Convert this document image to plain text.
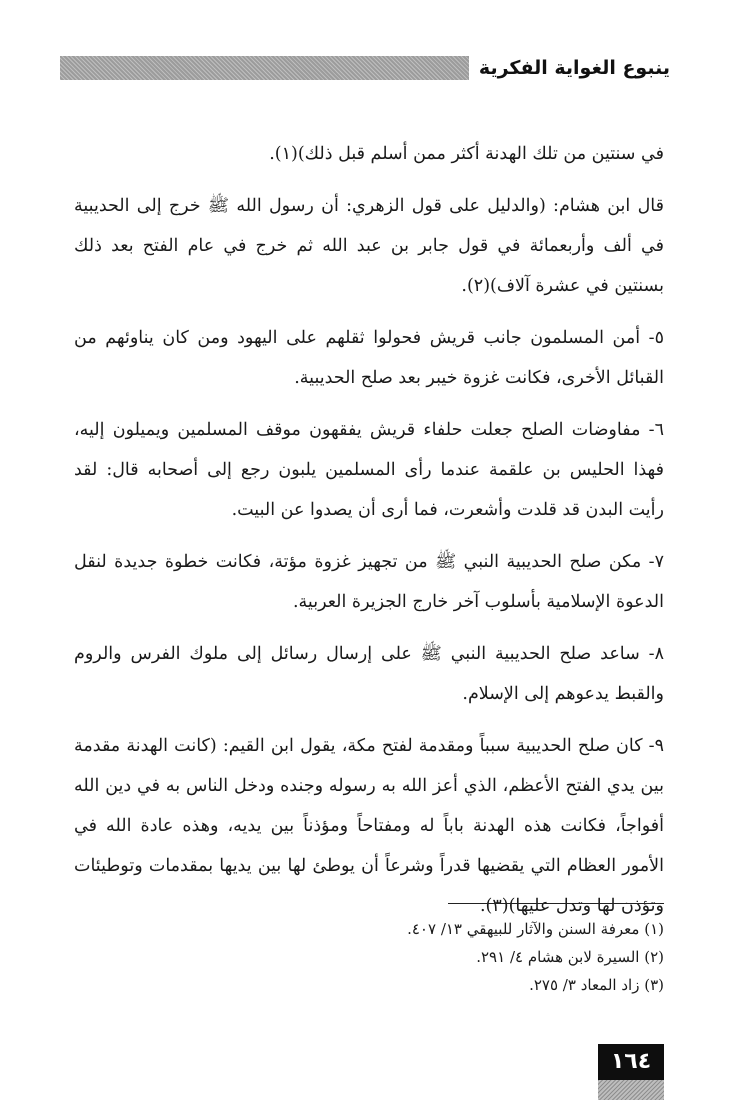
ينبوع الغواية الفكرية

في سنتين من تلك الهدنة أكثر ممن أسلم قبل ذلك)(١).

قال ابن هشام: (والدليل على قول الزهري: أن رسول الله ﷺ خرج إلى الحديبية في ألف وأربعمائة في قول جابر بن عبد الله ثم خرج في عام الفتح بعد ذلك بسنتين في عشرة آلاف)(٢).

٥- أمن المسلمون جانب قريش فحولوا ثقلهم على اليهود ومن كان يناوئهم من القبائل الأخرى، فكانت غزوة خيبر بعد صلح الحديبية.

٦- مفاوضات الصلح جعلت حلفاء قريش يفقهون موقف المسلمين ويميلون إليه، فهذا الحليس بن علقمة عندما رأى المسلمين يلبون رجع إلى أصحابه قال: لقد رأيت البدن قد قلدت وأشعرت، فما أرى أن يصدوا عن البيت.

٧- مكن صلح الحديبية النبي ﷺ من تجهيز غزوة مؤتة، فكانت خطوة جديدة لنقل الدعوة الإسلامية بأسلوب آخر خارج الجزيرة العربية.

٨- ساعد صلح الحديبية النبي ﷺ على إرسال رسائل إلى ملوك الفرس والروم والقبط يدعوهم إلى الإسلام.

٩- كان صلح الحديبية سبباً ومقدمة لفتح مكة، يقول ابن القيم: (كانت الهدنة مقدمة بين يدي الفتح الأعظم، الذي أعز الله به رسوله وجنده ودخل الناس به في دين الله أفواجاً، فكانت هذه الهدنة باباً له ومفتاحاً ومؤذناً بين يديه، وهذه عادة الله في الأمور العظام التي يقضيها قدراً وشرعاً أن يوطئ لها بين يديها بمقدمات وتوطيئات وتؤذن لها وتدل عليها)(٣).

(١) معرفة السنن والآثار للبيهقي ١٣/ ٤٠٧.

(٢) السيرة لابن هشام ٤/ ٢٩١.

(٣) زاد المعاد ٣/ ٢٧٥.

١٦٤
